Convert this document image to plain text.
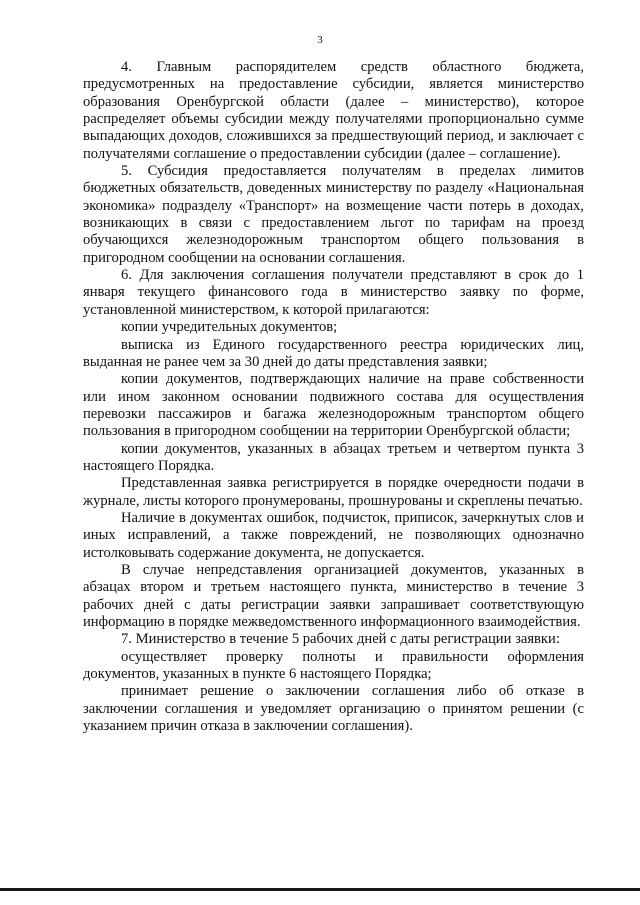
3

4. Главным распорядителем средств областного бюджета, предусмотренных на предоставление субсидии, является министерство образования Оренбургской области (далее – министерство), которое распределяет объемы субсидии между получателями пропорционально сумме выпадающих доходов, сложившихся за предшествующий период, и заключает с получателями соглашение о предоставлении субсидии (далее – соглашение).

5. Субсидия предоставляется получателям в пределах лимитов бюджетных обязательств, доведенных министерству по разделу «Национальная экономика» подразделу «Транспорт» на возмещение части потерь в доходах, возникающих в связи с предоставлением льгот по тарифам на проезд обучающихся железнодорожным транспортом общего пользования в пригородном сообщении на основании соглашения.

6. Для заключения соглашения получатели представляют в срок до 1 января текущего финансового года в министерство заявку по форме, установленной министерством, к которой прилагаются:

копии учредительных документов;

выписка из Единого государственного реестра юридических лиц, выданная не ранее чем за 30 дней до даты представления заявки;

копии документов, подтверждающих наличие на праве собственности или ином законном основании подвижного состава для осуществления перевозки пассажиров и багажа железнодорожным транспортом общего пользования в пригородном сообщении на территории Оренбургской области;

копии документов, указанных в абзацах третьем и четвертом пункта 3 настоящего Порядка.

Представленная заявка регистрируется в порядке очередности подачи в журнале, листы которого пронумерованы, прошнурованы и скреплены печатью.

Наличие в документах ошибок, подчисток, приписок, зачеркнутых слов и иных исправлений, а также повреждений, не позволяющих однозначно истолковывать содержание документа, не допускается.

В случае непредставления организацией документов, указанных в абзацах втором и третьем настоящего пункта, министерство в течение 3 рабочих дней с даты регистрации заявки запрашивает соответствующую информацию в порядке межведомственного информационного взаимодействия.

7. Министерство в течение 5 рабочих дней с даты регистрации заявки:

осуществляет проверку полноты и правильности оформления документов, указанных в пункте 6 настоящего Порядка;

принимает решение о заключении соглашения либо об отказе в заключении соглашения и уведомляет организацию о принятом решении (с указанием причин отказа в заключении соглашения).
